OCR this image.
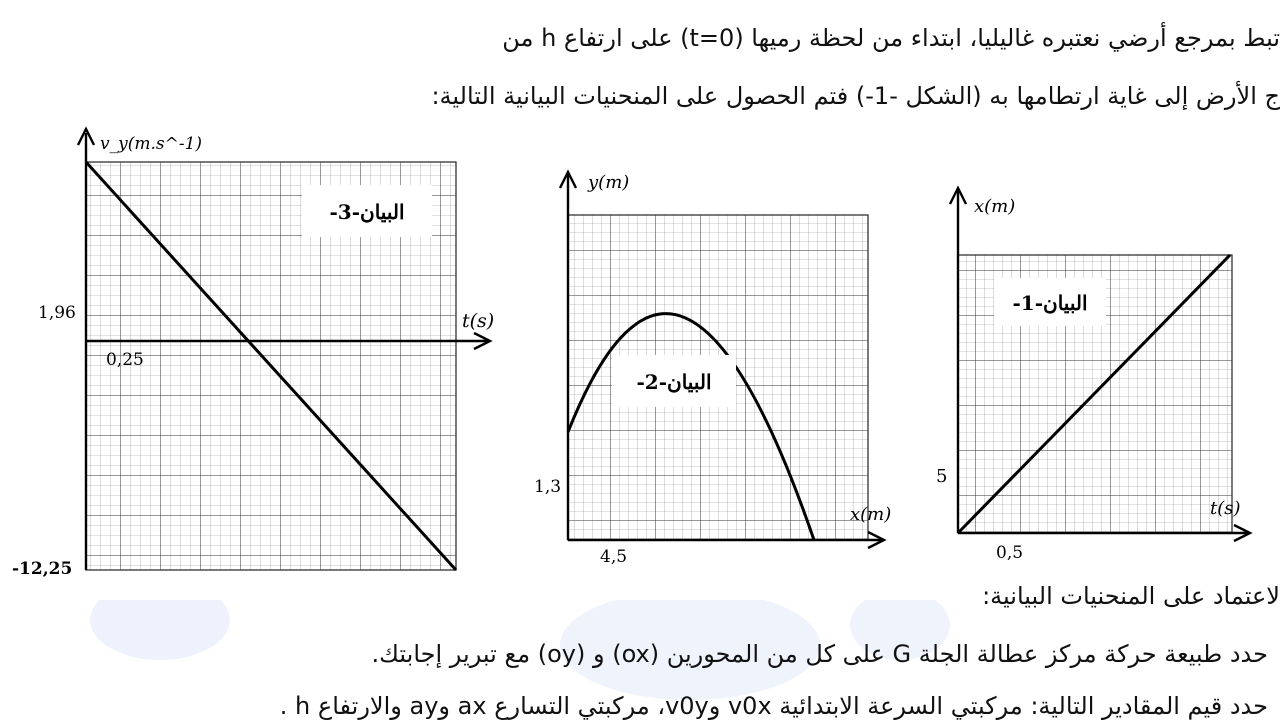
تبط بمرجع أرضي نعتبره غاليليا، ابتداء من لحظة رميها (t=0) على ارتفاع h من
ج الأرض إلى غاية ارتطامها به (الشكل -1-) فتم الحصول على المنحنيات البيانية التالية:
البيان-3-
v_y(m.s^-1)
t(s)
1,96
0,25
-12,25
البيان-2-
y(m)
x(m)
1,3
4,5
البيان-1-
x(m)
t(s)
5
0,5
لاعتماد على المنحنيات البيانية:
حدد طبيعة حركة مركز عطالة الجلة G على كل من المحورين (ox) و (oy) مع تبرير إجابتك.
حدد قيم المقادير التالية: مركبتي السرعة الابتدائية v0x وv0y، مركبتي التسارع ax وay والارتفاع h .
